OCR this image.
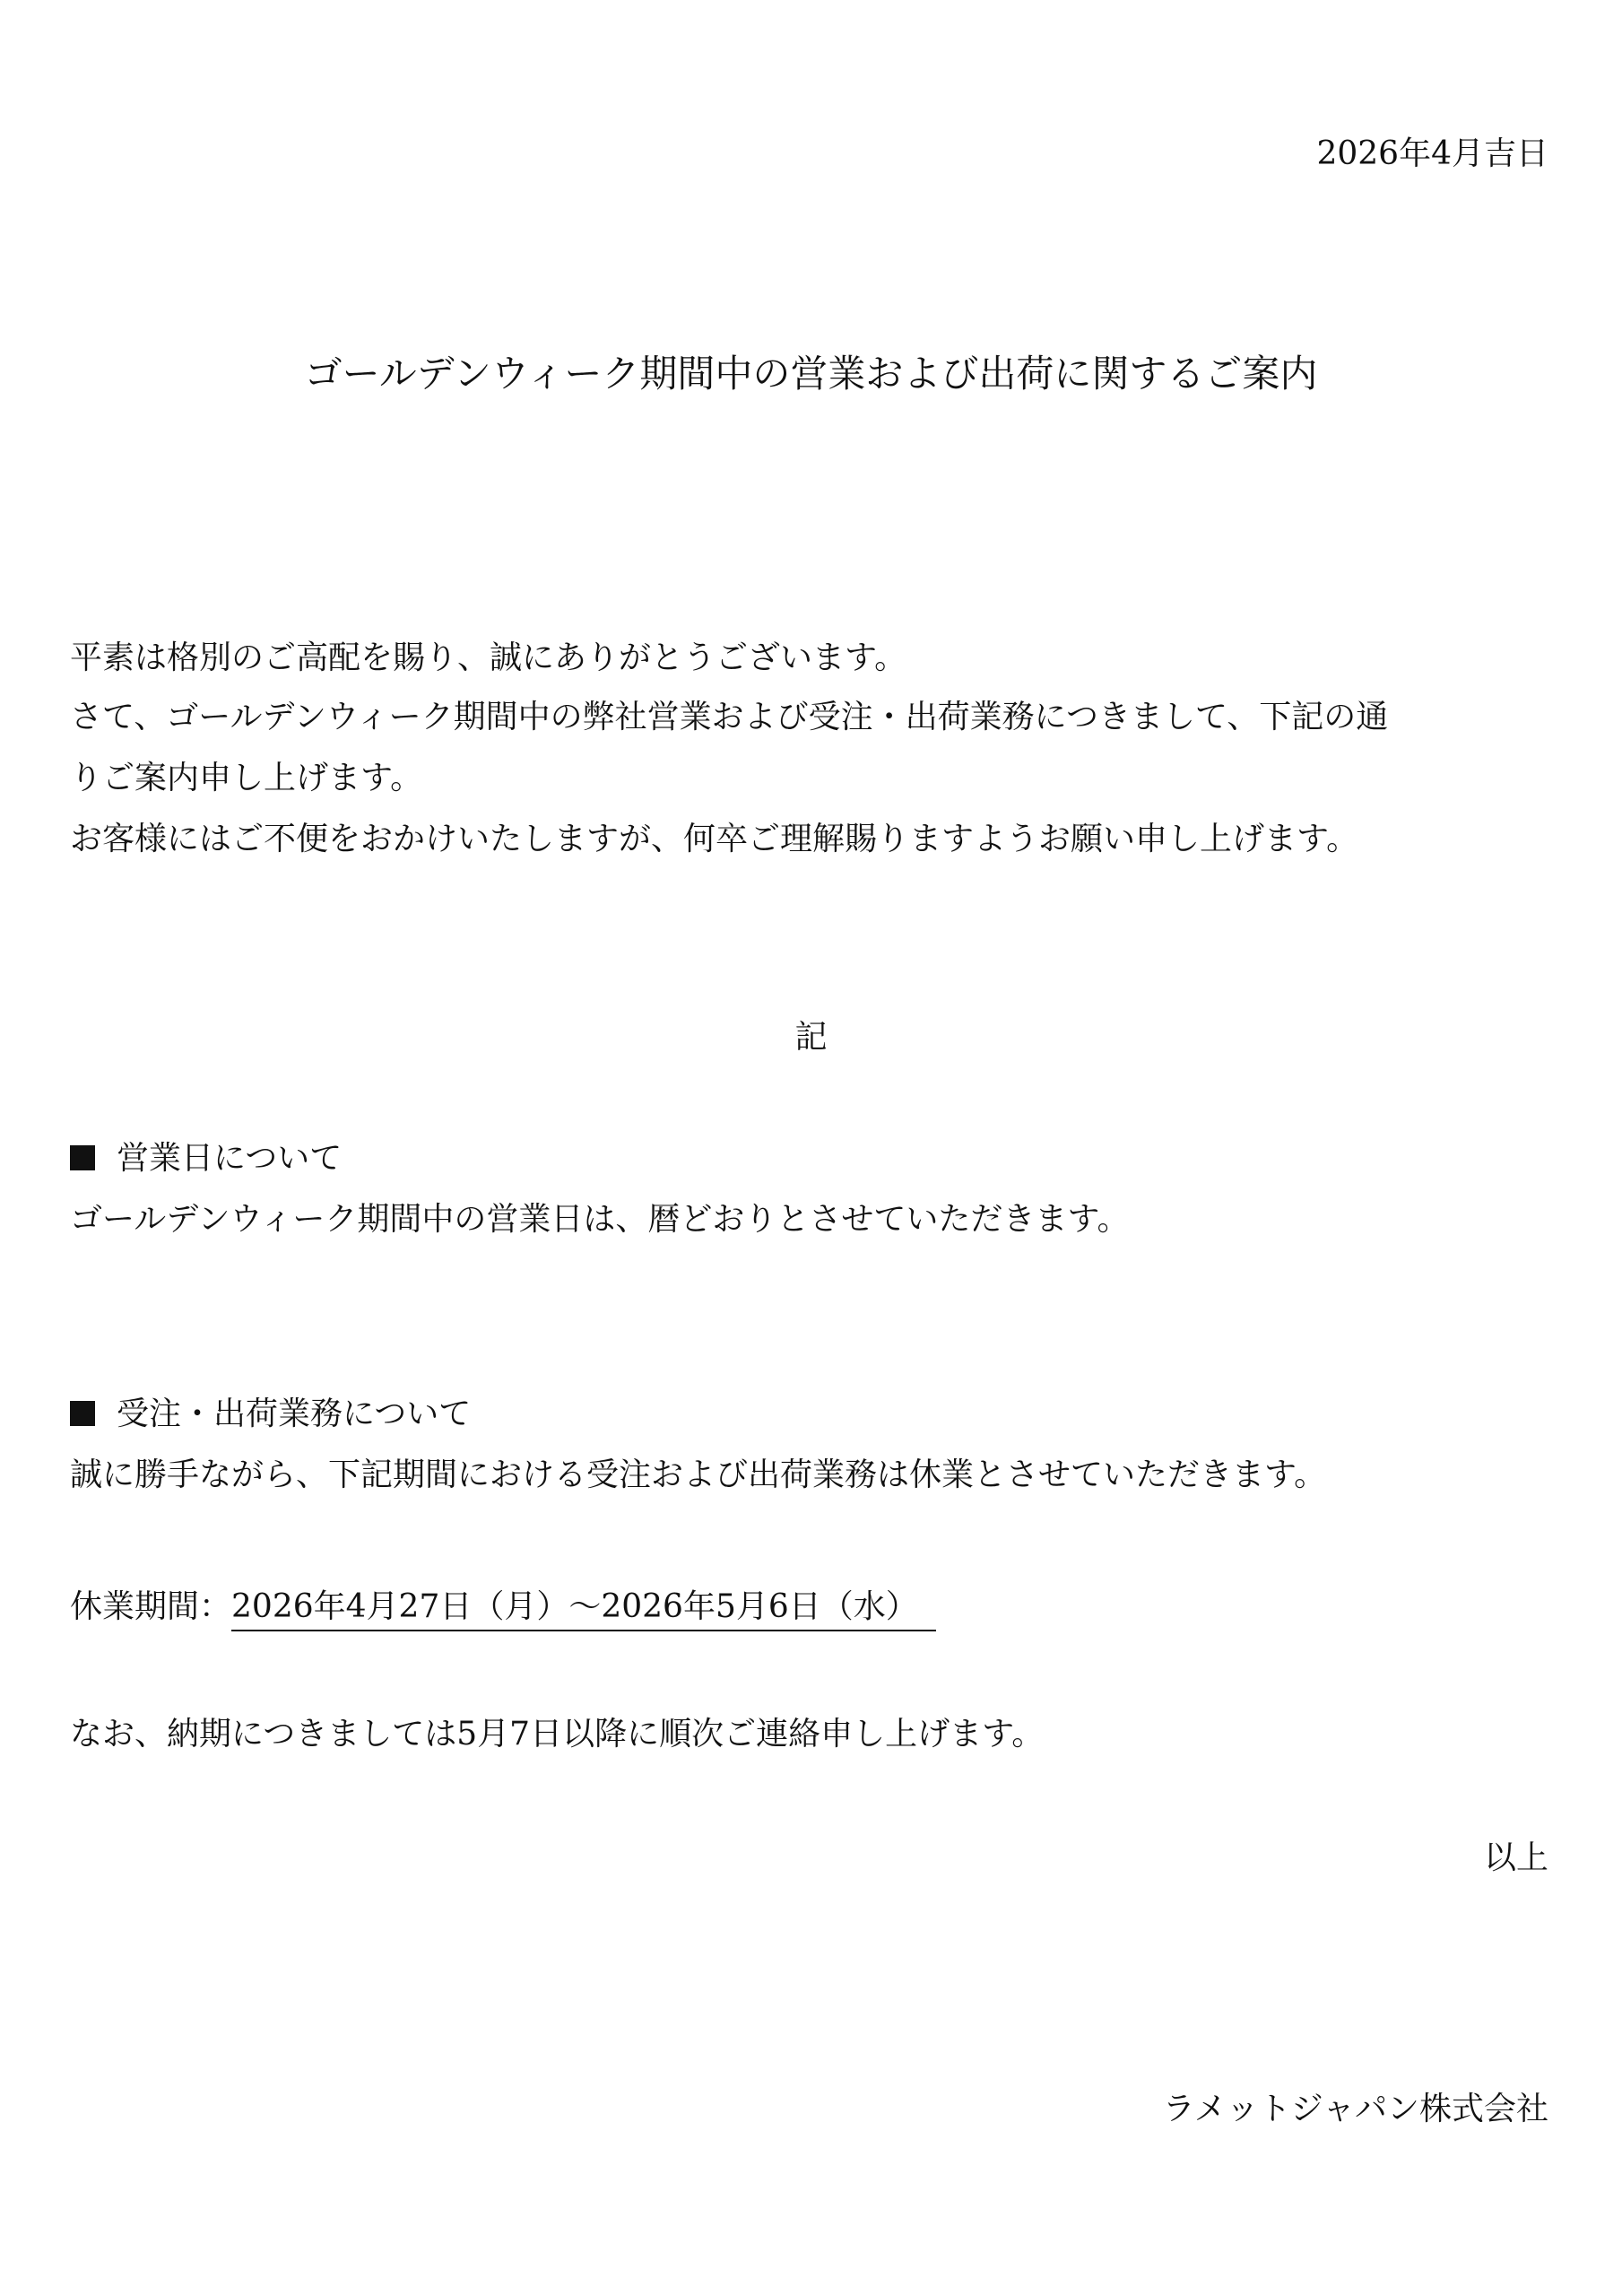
2026年4月吉日
ゴールデンウィーク期間中の営業および出荷に関するご案内
平素は格別のご高配を賜り、誠にありがとうございます。
さて、ゴールデンウィーク期間中の弊社営業および受注・出荷業務につきまして、下記の通
りご案内申し上げます。
お客様にはご不便をおかけいたしますが、何卒ご理解賜りますようお願い申し上げます。
記
営業日について
ゴールデンウィーク期間中の営業日は、暦どおりとさせていただきます。
受注・出荷業務について
誠に勝手ながら、下記期間における受注および出荷業務は休業とさせていただきます。
休業期間：2026年4月27日（月）〜2026年5月6日（水）
なお、納期につきましては5月7日以降に順次ご連絡申し上げます。
以上
ラメットジャパン株式会社
